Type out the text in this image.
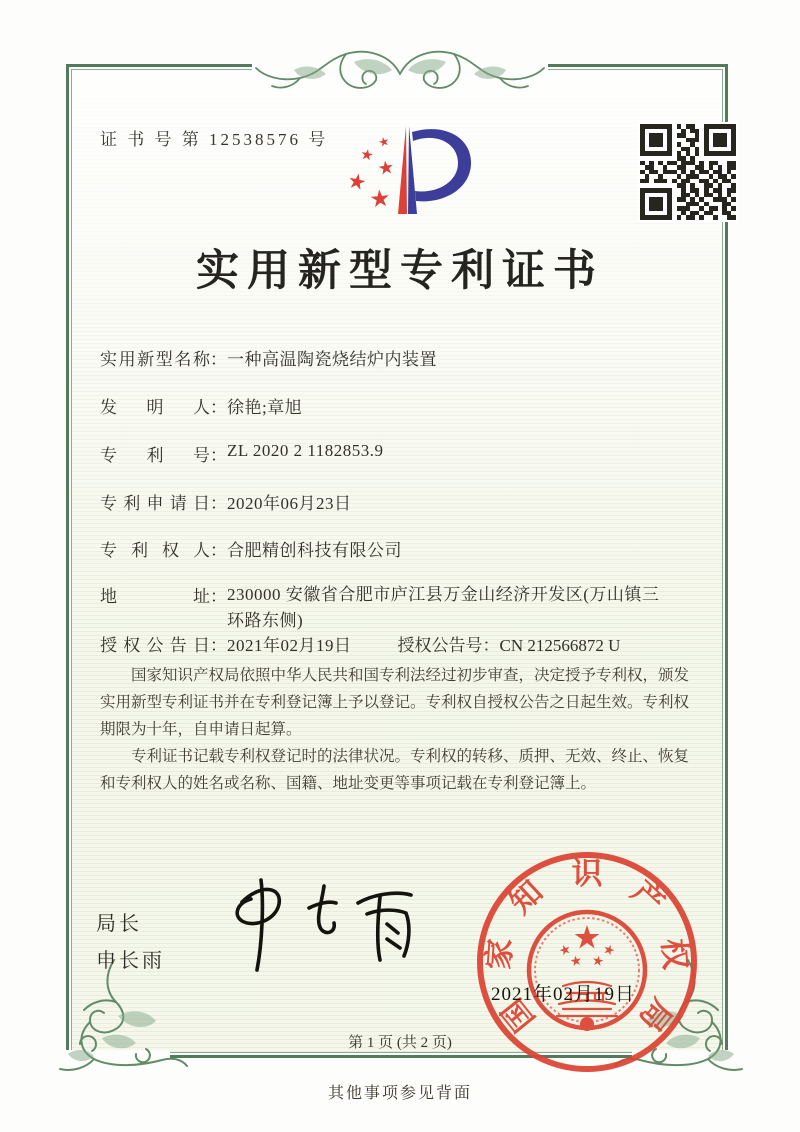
证 书 号 第 12538576 号
实用新型专利证书
实用新型名称 ： 一种高温陶瓷烧结炉内装置
发明人 ： 徐艳;章旭
专利号 ： ZL 2020 2 1182853.9
专利申请日 ： 2020年06月23日
专利权人 ： 合肥精创科技有限公司
地址 ： 230000 安徽省合肥市庐江县万金山经济开发区(万山镇三环路东侧)
授权公告日 ： 2021年02月19日	授权公告号：CN 212566872 U

国家知识产权局依照中华人民共和国专利法经过初步审查，决定授予专利权，颁发实用新型专利证书并在专利登记簿上予以登记。专利权自授权公告之日起生效。专利权期限为十年，自申请日起算。

专利证书记载专利权登记时的法律状况。专利权的转移、质押、无效、终止、恢复和专利权人的姓名或名称、国籍、地址变更等事项记载在专利登记簿上。

局长
申长雨
国
家
知
识
产
权
局
2021年02月19日
第 1 页 (共 2 页)
其他事项参见背面
